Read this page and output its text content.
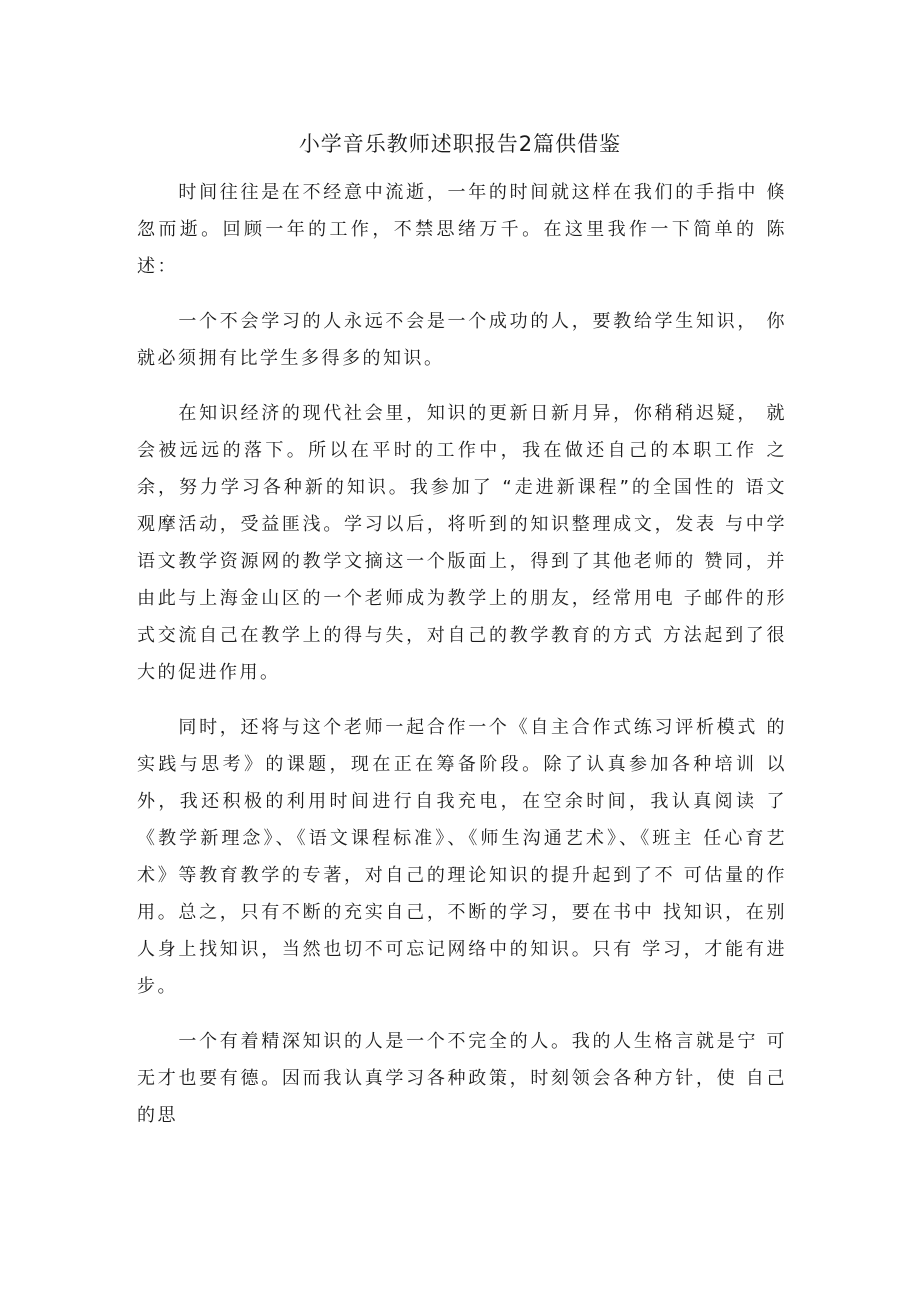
小学音乐教师述职报告2篇供借鉴

时间往往是在不经意中流逝，一年的时间就这样在我们的手指中 倏忽而逝。回顾一年的工作，不禁思绪万千。在这里我作一下简单的 陈述：

一个不会学习的人永远不会是一个成功的人，要教给学生知识， 你就必须拥有比学生多得多的知识。

在知识经济的现代社会里，知识的更新日新月异，你稍稍迟疑， 就会被远远的落下。所以在平时的工作中，我在做还自己的本职工作 之余，努力学习各种新的知识。我参加了 “走进新课程”的全国性的 语文观摩活动，受益匪浅。学习以后，将听到的知识整理成文，发表 与中学语文教学资源网的教学文摘这一个版面上，得到了其他老师的 赞同，并由此与上海金山区的一个老师成为教学上的朋友，经常用电 子邮件的形式交流自己在教学上的得与失，对自己的教学教育的方式 方法起到了很大的促进作用。

同时，还将与这个老师一起合作一个《自主合作式练习评析模式 的实践与思考》的课题，现在正在筹备阶段。除了认真参加各种培训 以外，我还积极的利用时间进行自我充电，在空余时间，我认真阅读 了《教学新理念》、《语文课程标准》、《师生沟通艺术》、《班主 任心育艺术》等教育教学的专著，对自己的理论知识的提升起到了不 可估量的作用。总之，只有不断的充实自己，不断的学习，要在书中 找知识，在别人身上找知识，当然也切不可忘记网络中的知识。只有 学习，才能有进步。

一个有着精深知识的人是一个不完全的人。我的人生格言就是宁 可无才也要有德。因而我认真学习各种政策，时刻领会各种方针，使 自己的思
